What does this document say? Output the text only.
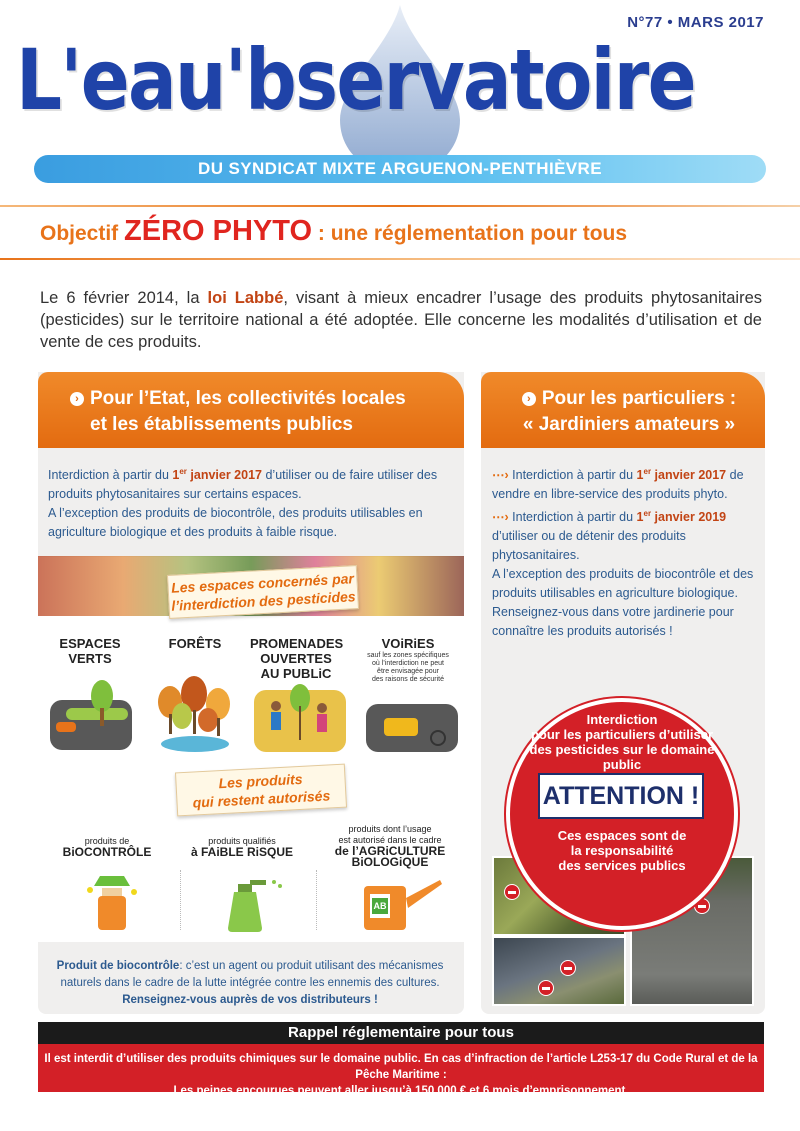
N°77 • MARS 2017
L'eau'bservatoire
DU SYNDICAT MIXTE ARGUENON-PENTHIÈVRE
Objectif ZÉRO PHYTO : une réglementation pour tous
Le 6 février 2014, la loi Labbé, visant à mieux encadrer l’usage des produits phytosanitaires (pesticides) sur le territoire national a été adoptée. Elle concerne les modalités d’utilisation et de vente de ces produits.
› Pour l’Etat, les collectivités locales
et les établissements publics
Interdiction à partir du 1er janvier 2017 d’utiliser ou de faire utiliser des produits phytosanitaires sur certains espaces.
A l’exception des produits de biocontrôle, des produits utilisables en agriculture biologique et des produits à faible risque.
Les espaces concernés par
l’interdiction des pesticides
ESPACES
VERTS
FORÊTS	PROMENADES
OUVERTES
AU PUBLiC
VOiRiES
sauf les zones spécifiques
où l’interdiction ne peut
être envisagée pour
des raisons de sécurité
Les produits
qui restent autorisés
produits de
BiOCONTRÔLE
produits qualifiés
à FAiBLE RiSQUE
produits dont l’usage
est autorisé dans le cadre
de l’AGRiCULTURE
BiOLOGiQUE
AB
Produit de biocontrôle: c’est un agent ou produit utilisant des mécanismes naturels dans le cadre de la lutte intégrée contre les ennemis des cultures.
Renseignez-vous auprès de vos distributeurs !
› Pour les particuliers :
« Jardiniers amateurs »
⋯› Interdiction à partir du 1er janvier 2017 de vendre en libre-service des produits phyto.
⋯› Interdiction à partir du 1er janvier 2019 d’utiliser ou de détenir des produits phytosanitaires.
A l’exception des produits de biocontrôle et des produits utilisables en agriculture biologique.
Renseignez-vous dans votre jardinerie pour connaître les produits autorisés !
Interdiction
pour les particuliers d’utiliser
des pesticides sur le domaine public
ATTENTION !
Ces espaces sont de
la responsabilité
des services publics
Rappel réglementaire pour tous
Il est interdit d’utiliser des produits chimiques sur le domaine public. En cas d’infraction de l’article L253-17 du Code Rural et de la Pêche Maritime :
Les peines encourues peuvent aller jusqu’à 150 000 € et 6 mois d’emprisonnement.
